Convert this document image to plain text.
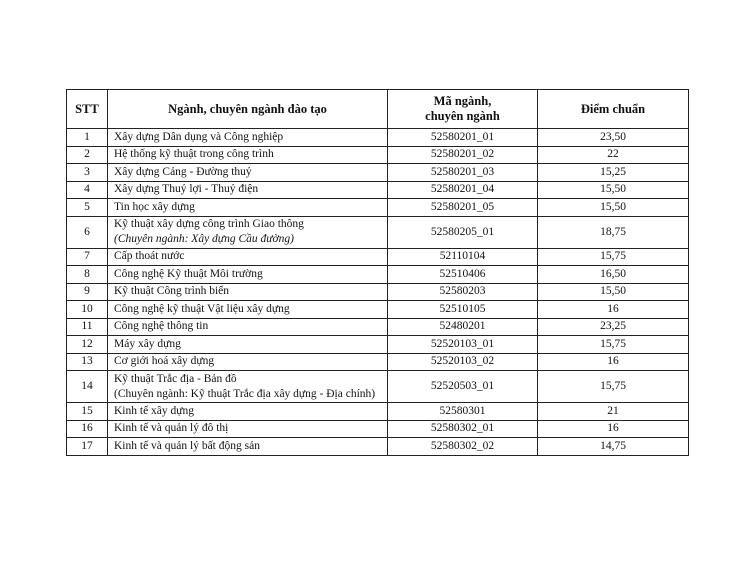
STT	Ngành, chuyên ngành đào tạo	Mã ngành,
chuyên ngành	Điểm chuẩn
1	Xây dựng Dân dụng và Công nghiệp	52580201_01	23,50
2	Hệ thống kỹ thuật trong công trình	52580201_02	22
3	Xây dựng Cảng - Đường thuỷ	52580201_03	15,25
4	Xây dựng Thuỷ lợi - Thuỷ điện	52580201_04	15,50
5	Tin học xây dựng	52580201_05	15,50
6	Kỹ thuật xây dựng công trình Giao thông
(Chuyên ngành: Xây dựng Cầu đường)	52580205_01	18,75
7	Cấp thoát nước	52110104	15,75
8	Công nghệ Kỹ thuật Môi trường	52510406	16,50
9	Kỹ thuật Công trình biển	52580203	15,50
10	Công nghệ kỹ thuật Vật liệu xây dựng	52510105	16
11	Công nghệ thông tin	52480201	23,25
12	Máy xây dựng	52520103_01	15,75
13	Cơ giới hoá xây dựng	52520103_02	16
14	Kỹ thuật Trắc địa - Bản đồ
(Chuyên ngành: Kỹ thuật Trắc địa xây dựng - Địa chính)	52520503_01	15,75
15	Kinh tế xây dựng	52580301	21
16	Kinh tế và quản lý đô thị	52580302_01	16
17	Kinh tế và quản lý bất động sản	52580302_02	14,75
